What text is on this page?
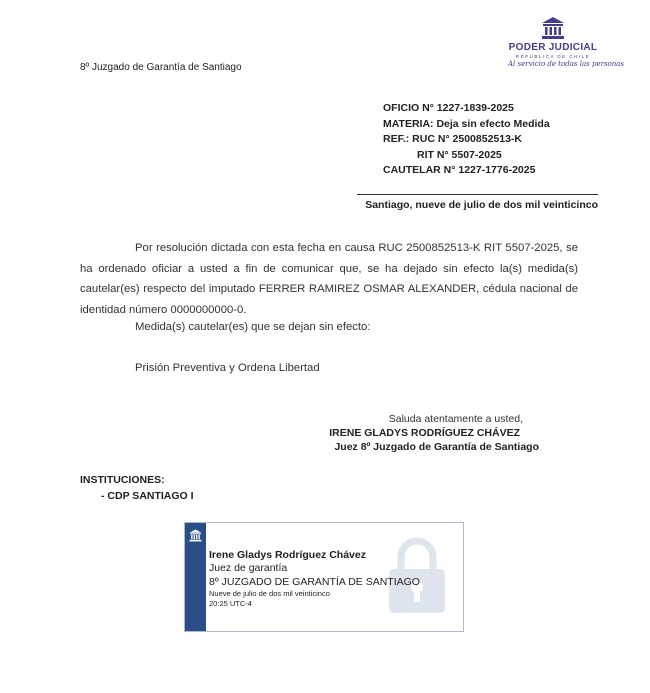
8º Juzgado de Garantía de Santiago
PODER JUDICIAL
REPÚBLICA DE CHILE
Al servicio de todas las personas
OFICIO N° 1227-1839-2025
MATERIA: Deja sin efecto Medida
REF.: RUC N° 2500852513-K
RIT N° 5507-2025
CAUTELAR N° 1227-1776-2025
Santiago, nueve de julio de dos mil veinticinco
Por resolución dictada con esta fecha en causa RUC 2500852513-K RIT 5507-2025, se ha ordenado oficiar a usted a fin de comunicar que, se ha dejado sin efecto la(s) medida(s) cautelar(es) respecto del imputado FERRER RAMIREZ OSMAR ALEXANDER, cédula nacional de identidad número 0000000000-0.
Medida(s) cautelar(es) que se dejan sin efecto:
Prisión Preventiva y Ordena Libertad
Saluda atentamente a usted,
IRENE GLADYS RODRÍGUEZ CHÁVEZ
Juez 8º Juzgado de Garantía de Santiago
INSTITUCIONES:
- CDP SANTIAGO I
Irene Gladys Rodríguez Chávez
Juez de garantía
8º JUZGADO DE GARANTÍA DE SANTIAGO
Nueve de julio de dos mil veinticinco
20:25 UTC-4
